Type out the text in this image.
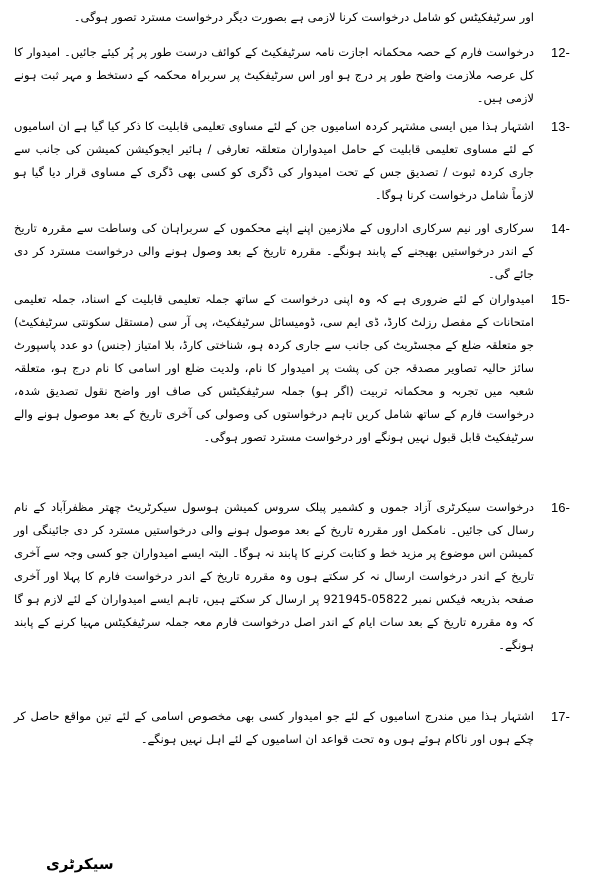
اور سرٹیفکیٹس کو شامل درخواست کرنا لازمی ہے بصورت دیگر درخواست مسترد تصور ہوگی۔

12-

درخواست فارم کے حصہ محکمانہ اجازت نامہ سرٹیفکیٹ کے کوائف درست طور پر پُر کیئے جائیں۔ امیدوار کا کل عرصہ ملازمت واضح طور پر درج ہو اور اس سرٹیفکیٹ پر سربراہ محکمہ کے دستخط و مہر ثبت ہونے لازمی ہیں۔

13-

اشتہار ہذا میں ایسی مشتہر کردہ اسامیوں جن کے لئے مساوی تعلیمی قابلیت کا ذکر کیا گیا ہے ان اسامیوں کے لئے مساوی تعلیمی قابلیت کے حامل امیدواران متعلقہ تعارفی / ہائیر ایجوکیشن کمیشن کی جانب سے جاری کردہ ثبوت / تصدیق جس کے تحت امیدوار کی ڈگری کو کسی بھی ڈگری کے مساوی قرار دیا گیا ہو لازماً شامل درخواست کرنا ہوگا۔

14-

سرکاری اور نیم سرکاری اداروں کے ملازمین اپنے اپنے محکموں کے سربراہان کی وساطت سے مقررہ تاریخ کے اندر درخواستیں بھیجنے کے پابند ہونگے۔ مقررہ تاریخ کے بعد وصول ہونے والی درخواست مسترد کر دی جائے گی۔

15-

امیدواران کے لئے ضروری ہے کہ وہ اپنی درخواست کے ساتھ جملہ تعلیمی قابلیت کے اسناد، جملہ تعلیمی امتحانات کے مفصل رزلٹ کارڈ، ڈی ایم سی، ڈومیسائل سرٹیفکیٹ، پی آر سی (مستقل سکونتی سرٹیفکیٹ) جو متعلقہ ضلع کے مجسٹریٹ کی جانب سے جاری کردہ ہو، شناختی کارڈ، بلا امتیاز (جنس) دو عدد پاسپورٹ سائز حالیہ تصاویر مصدقہ جن کی پشت پر امیدوار کا نام، ولدیت ضلع اور اسامی کا نام درج ہو، متعلقہ شعبہ میں تجربہ و محکمانہ تربیت (اگر ہو) جملہ سرٹیفکیٹس کی صاف اور واضح نقول تصدیق شدہ، درخواست فارم کے ساتھ شامل کریں تاہم درخواستوں کی وصولی کی آخری تاریخ کے بعد موصول ہونے والے سرٹیفکیٹ قابل قبول نہیں ہونگے اور درخواست مسترد تصور ہوگی۔

16-

درخواست سیکرٹری آزاد جموں و کشمیر پبلک سروس کمیشن ہوسول سیکرٹریٹ چھتر مظفرآباد کے نام رسال کی جائیں۔ نامکمل اور مقررہ تاریخ کے بعد موصول ہونے والی درخواستیں مسترد کر دی جائینگی اور کمیشن اس موضوع پر مزید خط و کتابت کرنے کا پابند نہ ہوگا۔ البتہ ایسے امیدواران جو کسی وجہ سے آخری تاریخ کے اندر درخواست ارسال نہ کر سکتے ہوں وہ مقررہ تاریخ کے اندر درخواست فارم کا پہلا اور آخری صفحہ بذریعہ فیکس نمبر 05822-921945 پر ارسال کر سکتے ہیں، تاہم ایسے امیدواران کے لئے لازم ہو گا کہ وہ مقررہ تاریخ کے بعد سات ایام کے اندر اصل درخواست فارم معہ جملہ سرٹیفکیٹس مہیا کرنے کے پابند ہونگے۔

17-

اشتہار ہذا میں مندرج اسامیوں کے لئے جو امیدوار کسی بھی مخصوص اسامی کے لئے تین مواقع حاصل کر چکے ہوں اور ناکام ہوئے ہوں وہ تحت قواعد ان اسامیوں کے لئے اہل نہیں ہونگے۔

سیکرٹری
